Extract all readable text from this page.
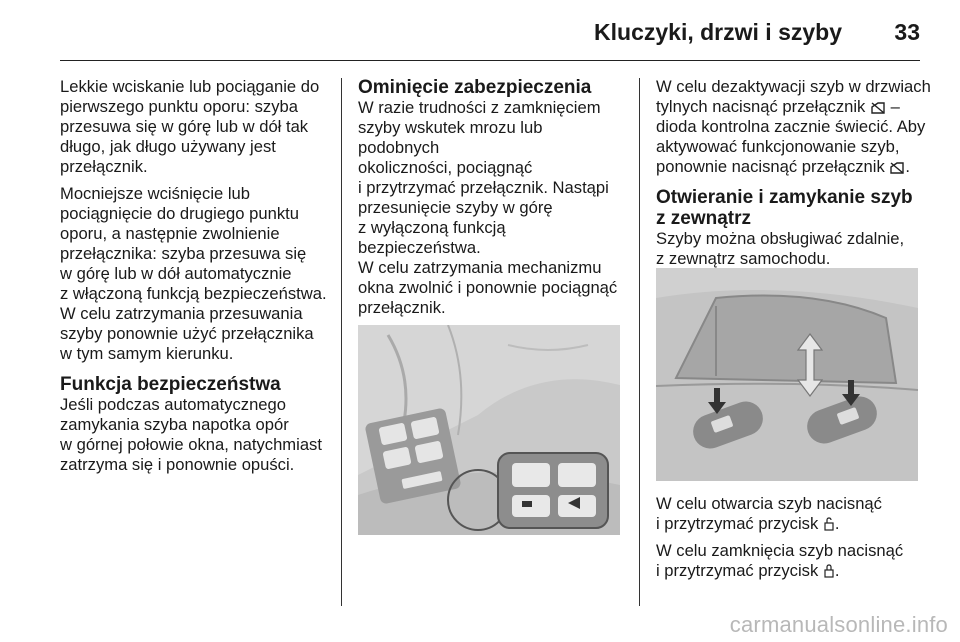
Kluczyki, drzwi i szyby 33

Lekkie wciskanie lub pociąganie do
pierwszego punktu oporu: szyba
przesuwa się w górę lub w dół tak
długo, jak długo używany jest
przełącznik.

Mocniejsze wciśnięcie lub
pociągnięcie do drugiego punktu
oporu, a następnie zwolnienie
przełącznika: szyba przesuwa się
w górę lub w dół automatycznie
z włączoną funkcją bezpieczeństwa.
W celu zatrzymania przesuwania
szyby ponownie użyć przełącznika
w tym samym kierunku.

Funkcja bezpieczeństwa

Jeśli podczas automatycznego
zamykania szyba napotka opór
w górnej połowie okna, natychmiast
zatrzyma się i ponownie opuści.

Ominięcie zabezpieczenia

W razie trudności z zamknięciem
szyby wskutek mrozu lub podobnych
okoliczności, pociągnąć
i przytrzymać przełącznik. Nastąpi
przesunięcie szyby w górę
z wyłączoną funkcją bezpieczeństwa.
W celu zatrzymania mechanizmu
okna zwolnić i ponownie pociągnąć
przełącznik.

W celu dezaktywacji szyb w drzwiach
tylnych nacisnąć przełącznik  –
dioda kontrolna zacznie świecić. Aby
aktywować funkcjonowanie szyb,
ponownie nacisnąć przełącznik .

Otwieranie i zamykanie szyb
z zewnątrz

Szyby można obsługiwać zdalnie,
z zewnątrz samochodu.

W celu otwarcia szyb nacisnąć
i przytrzymać przycisk .

W celu zamknięcia szyb nacisnąć
i przytrzymać przycisk .

carmanualsonline.info
